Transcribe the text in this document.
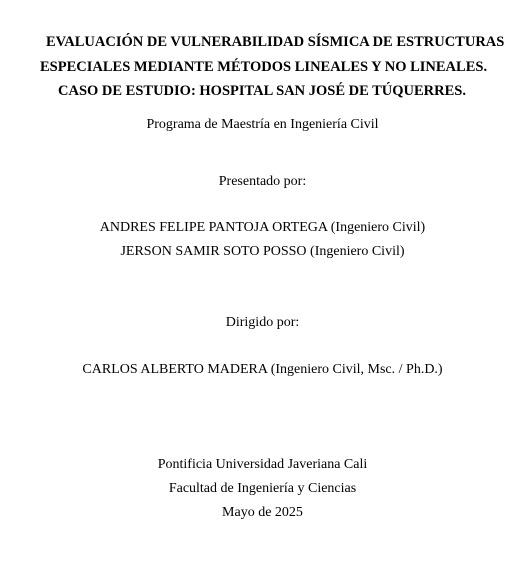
EVALUACIÓN DE VULNERABILIDAD SÍSMICA DE ESTRUCTURAS
ESPECIALES MEDIANTE MÉTODOS LINEALES Y NO LINEALES.
CASO DE ESTUDIO: HOSPITAL SAN JOSÉ DE TÚQUERRES.
Programa de Maestría en Ingeniería Civil
Presentado por:
ANDRES FELIPE PANTOJA ORTEGA (Ingeniero Civil)
JERSON SAMIR SOTO POSSO (Ingeniero Civil)
Dirigido por:
CARLOS ALBERTO MADERA (Ingeniero Civil, Msc. / Ph.D.)
Pontificia Universidad Javeriana Cali
Facultad de Ingeniería y Ciencias
Mayo de 2025
